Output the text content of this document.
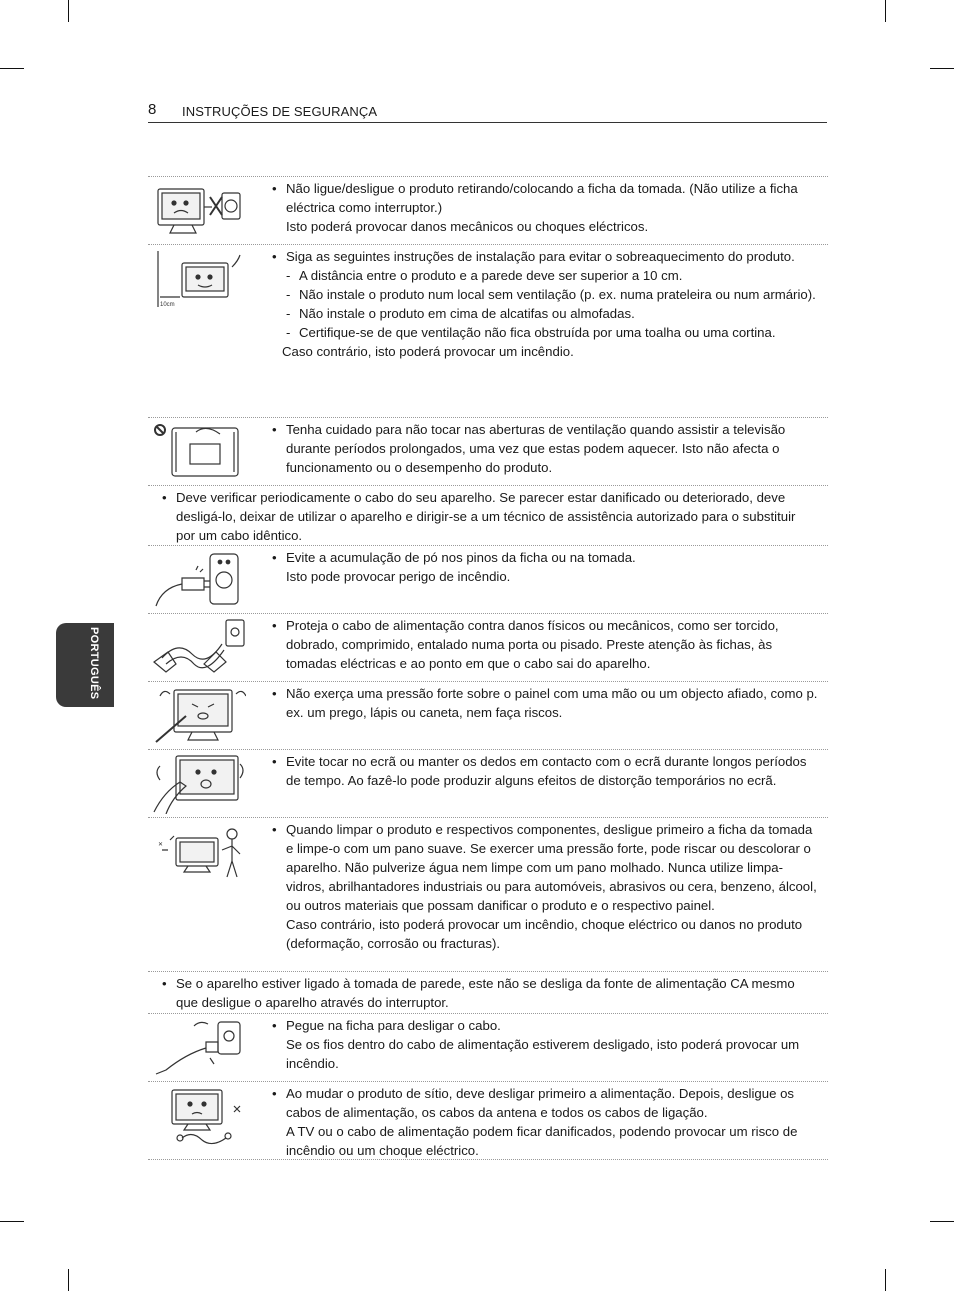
8 INSTRUÇÕES DE SEGURANÇA
PORTUGUÊS
• Não ligue/desligue o produto retirando/colocando a ficha da tomada. (Não utilize a ficha eléctrica como interruptor.)
Isto poderá provocar danos mecânicos ou choques eléctricos.
10cm
• Siga as seguintes instruções de instalação para evitar o sobreaquecimento do produto.
- A distância entre o produto e a parede deve ser superior a 10 cm.
- Não instale o produto num local sem ventilação (p. ex. numa prateleira ou num armário).
- Não instale o produto em cima de alcatifas ou almofadas.
- Certifique-se de que ventilação não fica obstruída por uma toalha ou uma cortina.
Caso contrário, isto poderá provocar um incêndio.
• Tenha cuidado para não tocar nas aberturas de ventilação quando assistir a televisão durante períodos prolongados, uma vez que estas podem aquecer. Isto não afecta o funcionamento ou o desempenho do produto.
• Deve verificar periodicamente o cabo do seu aparelho. Se parecer estar danificado ou deteriorado, deve desligá-lo, deixar de utilizar o aparelho e dirigir-se a um técnico de assistência autorizado para o substituir por um cabo idêntico.
• Evite a acumulação de pó nos pinos da ficha ou na tomada.
Isto pode provocar perigo de incêndio.
• Proteja o cabo de alimentação contra danos físicos ou mecânicos, como ser torcido, dobrado, comprimido, entalado numa porta ou pisado. Preste atenção às fichas, às tomadas eléctricas e ao ponto em que o cabo sai do aparelho.
• Não exerça uma pressão forte sobre o painel com uma mão ou um objecto afiado, como p. ex. um prego, lápis ou caneta, nem faça riscos.
• Evite tocar no ecrã ou manter os dedos em contacto com o ecrã durante longos períodos de tempo. Ao fazê-lo pode produzir alguns efeitos de distorção temporários no ecrã.
✕
• Quando limpar o produto e respectivos componentes, desligue primeiro a ficha da tomada e limpe-o com um pano suave. Se exercer uma pressão forte, pode riscar ou descolorar o aparelho. Não pulverize água nem limpe com um pano molhado. Nunca utilize limpa-vidros, abrilhantadores industriais ou para automóveis, abrasivos ou cera, benzeno, álcool, ou outros materiais que possam danificar o produto e o respectivo painel.
Caso contrário, isto poderá provocar um incêndio, choque eléctrico ou danos no produto (deformação, corrosão ou fracturas).
• Se o aparelho estiver ligado à tomada de parede, este não se desliga da fonte de alimentação CA mesmo que desligue o aparelho através do interruptor.
• Pegue na ficha para desligar o cabo.
Se os fios dentro do cabo de alimentação estiverem desligado, isto poderá provocar um incêndio.
• Ao mudar o produto de sítio, deve desligar primeiro a alimentação. Depois, desligue os cabos de alimentação, os cabos da antena e todos os cabos de ligação.
A TV ou o cabo de alimentação podem ficar danificados, podendo provocar um risco de incêndio ou um choque eléctrico.
